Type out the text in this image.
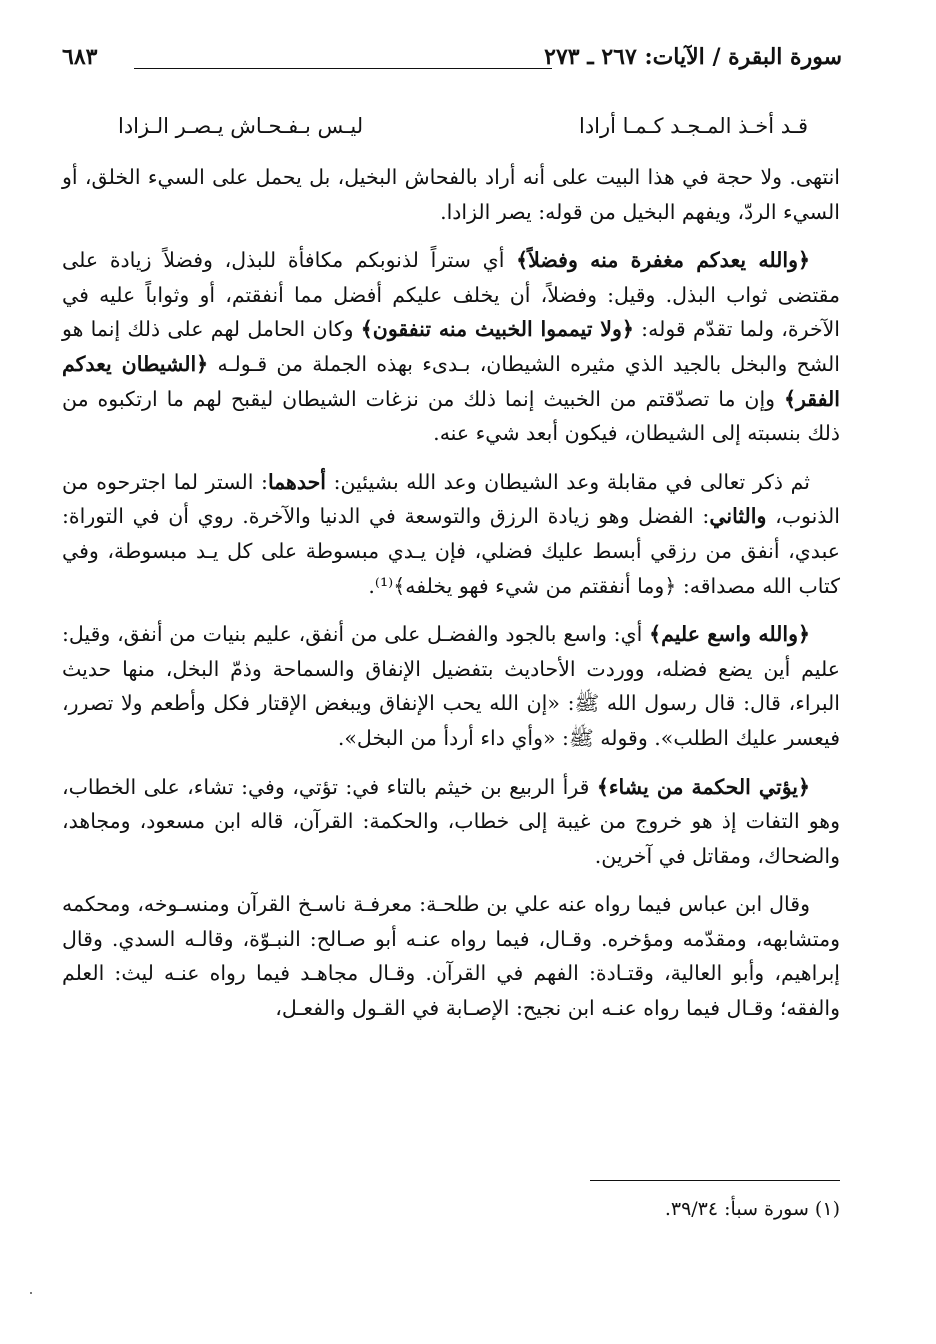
سورة البقرة / الآيات: ٢٦٧ ـ ٢٧٣
٦٨٣
قـد أخـذ المـجـد كـمـا أرادا
ليـس بـفـحـاش يـصـر الـزادا

انتهى. ولا حجة في هذا البيت على أنه أراد بالفحاش البخيل، بل يحمل على السيء الخلق، أو السيء الردّ، ويفهم البخيل من قوله: يصر الزادا.

﴿والله يعدكم مغفرة منه وفضلاً﴾ أي ستراً لذنوبكم مكافأة للبذل، وفضلاً زيادة على مقتضى ثواب البذل. وقيل: وفضلاً، أن يخلف عليكم أفضل مما أنفقتم، أو وثواباً عليه في الآخرة، ولما تقدّم قوله: ﴿ولا تيمموا الخبيث منه تنفقون﴾ وكان الحامل لهم على ذلك إنما هو الشح والبخل بالجيد الذي مثيره الشيطان، بـدىء بهذه الجملة من قـولـه ﴿الشيطان يعدكم الفقر﴾ وإن ما تصدّقتم من الخبيث إنما ذلك من نزغات الشيطان ليقبح لهم ما ارتكبوه من ذلك بنسبته إلى الشيطان، فيكون أبعد شيء عنه.

ثم ذكر تعالى في مقابلة وعد الشيطان وعد الله بشيئين: أحدهما: الستر لما اجترحوه من الذنوب، والثاني: الفضل وهو زيادة الرزق والتوسعة في الدنيا والآخرة. روي أن في التوراة: عبدي، أنفق من رزقي أبسط عليك فضلي، فإن يـدي مبسوطة على كل يـد مبسوطة، وفي كتاب الله مصداقه: ﴿وما أنفقتم من شيء فهو يخلفه﴾⁽¹⁾.

﴿والله واسع عليم﴾ أي: واسع بالجود والفضـل على من أنفق، عليم بنيات من أنفق، وقيل: عليم أين يضع فضله، ووردت الأحاديث بتفضيل الإنفاق والسماحة وذمّ البخل، منها حديث البراء، قال: قال رسول الله ﷺ: «إن الله يحب الإنفاق ويبغض الإقتار فكل وأطعم ولا تصرر، فيعسر عليك الطلب». وقوله ﷺ: «وأي داء أردأ من البخل».

﴿يؤتي الحكمة من يشاء﴾ قرأ الربيع بن خيثم بالتاء في: تؤتي، وفي: تشاء، على الخطاب، وهو التفات إذ هو خروج من غيبة إلى خطاب، والحكمة: القرآن، قاله ابن مسعود، ومجاهد، والضحاك، ومقاتل في آخرين.

وقال ابن عباس فيما رواه عنه علي بن طلحـة: معرفـة ناسـخ القرآن ومنسـوخه، ومحكمه ومتشابهه، ومقدّمه ومؤخره. وقـال، فيما رواه عنـه أبو صـالح: النبـوّة، وقالـه السدي. وقال إبراهيم، وأبو العالية، وقتـادة: الفهم في القرآن. وقـال مجاهـد فيما رواه عنـه ليث: العلم والفقه؛ وقـال فيما رواه عنـه ابن نجيح: الإصـابة في القـول والفعـل،

(١) سورة سبأ: ٣٩/٣٤.
